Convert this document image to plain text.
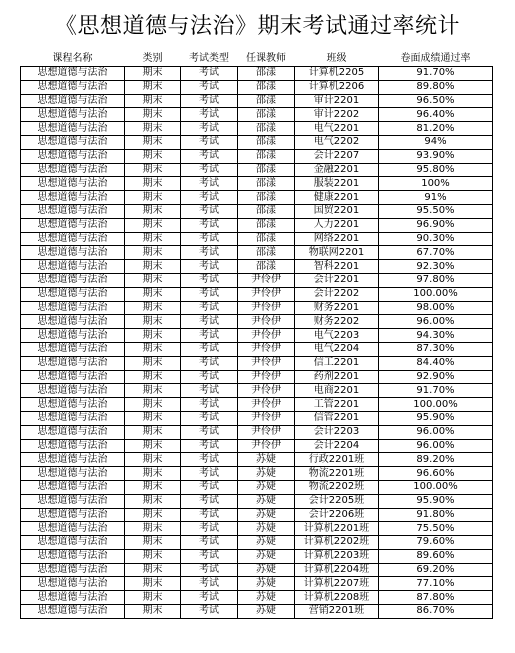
《思想道德与法治》期末考试通过率统计
课程名称	类别	考试类型	任课教师	班级	卷面成绩通过率
思想道德与法治	期末	考试	邵漾	计算机2205	91.70%
思想道德与法治	期末	考试	邵漾	计算机2206	89.80%
思想道德与法治	期末	考试	邵漾	审计2201	96.50%
思想道德与法治	期末	考试	邵漾	审计2202	96.40%
思想道德与法治	期末	考试	邵漾	电气2201	81.20%
思想道德与法治	期末	考试	邵漾	电气2202	94%
思想道德与法治	期末	考试	邵漾	会计2207	93.90%
思想道德与法治	期末	考试	邵漾	金融2201	95.80%
思想道德与法治	期末	考试	邵漾	服装2201	100%
思想道德与法治	期末	考试	邵漾	健康2201	91%
思想道德与法治	期末	考试	邵漾	国贸2201	95.50%
思想道德与法治	期末	考试	邵漾	人力2201	96.90%
思想道德与法治	期末	考试	邵漾	网络2201	90.30%
思想道德与法治	期末	考试	邵漾	物联网2201	67.70%
思想道德与法治	期末	考试	邵漾	智科2201	92.30%
思想道德与法治	期末	考试	尹伶伊	会计2201	97.80%
思想道德与法治	期末	考试	尹伶伊	会计2202	100.00%
思想道德与法治	期末	考试	尹伶伊	财务2201	98.00%
思想道德与法治	期末	考试	尹伶伊	财务2202	96.00%
思想道德与法治	期末	考试	尹伶伊	电气2203	94.30%
思想道德与法治	期末	考试	尹伶伊	电气2204	87.30%
思想道德与法治	期末	考试	尹伶伊	信工2201	84.40%
思想道德与法治	期末	考试	尹伶伊	药剂2201	92.90%
思想道德与法治	期末	考试	尹伶伊	电商2201	91.70%
思想道德与法治	期末	考试	尹伶伊	工管2201	100.00%
思想道德与法治	期末	考试	尹伶伊	信管2201	95.90%
思想道德与法治	期末	考试	尹伶伊	会计2203	96.00%
思想道德与法治	期末	考试	尹伶伊	会计2204	96.00%
思想道德与法治	期末	考试	苏婕	行政2201班	89.20%
思想道德与法治	期末	考试	苏婕	物流2201班	96.60%
思想道德与法治	期末	考试	苏婕	物流2202班	100.00%
思想道德与法治	期末	考试	苏婕	会计2205班	95.90%
思想道德与法治	期末	考试	苏婕	会计2206班	91.80%
思想道德与法治	期末	考试	苏婕	计算机2201班	75.50%
思想道德与法治	期末	考试	苏婕	计算机2202班	79.60%
思想道德与法治	期末	考试	苏婕	计算机2203班	89.60%
思想道德与法治	期末	考试	苏婕	计算机2204班	69.20%
思想道德与法治	期末	考试	苏婕	计算机2207班	77.10%
思想道德与法治	期末	考试	苏婕	计算机2208班	87.80%
思想道德与法治	期末	考试	苏婕	营销2201班	86.70%
